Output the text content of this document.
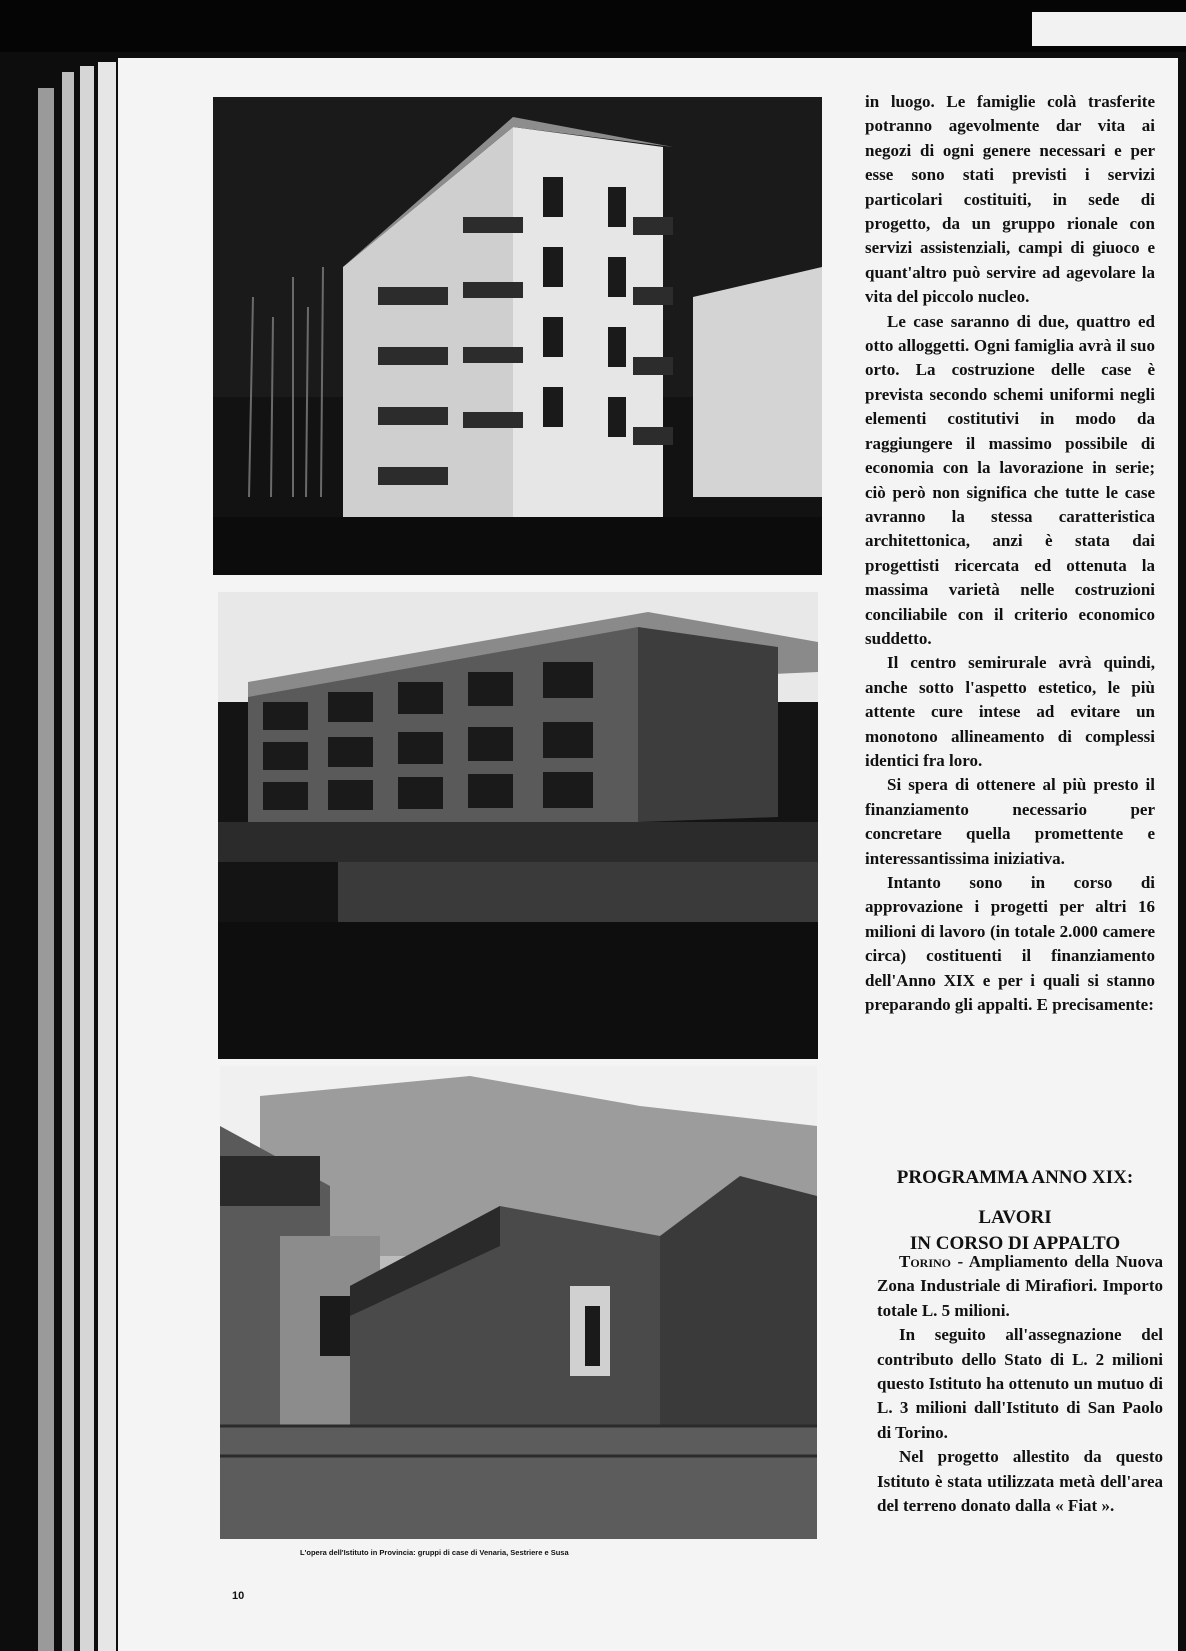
L'opera dell'Istituto in Provincia: gruppi di case di Venaria, Sestriere e Susa
10

in luogo. Le famiglie colà trasferite potranno agevolmente dar vita ai negozi di ogni genere necessari e per esse sono stati previsti i servizi particolari costituiti, in sede di progetto, da un gruppo rionale con servizi assistenziali, campi di giuoco e quant'altro può servire ad agevolare la vita del piccolo nucleo.

Le case saranno di due, quattro ed otto alloggetti. Ogni famiglia avrà il suo orto. La costruzione delle case è prevista secondo schemi uniformi negli elementi costitutivi in modo da raggiungere il massimo possibile di economia con la lavorazione in serie; ciò però non significa che tutte le case avranno la stessa caratteristica architettonica, anzi è stata dai progettisti ricercata ed ottenuta la massima varietà nelle costruzioni conciliabile con il criterio economico suddetto.

Il centro semirurale avrà quindi, anche sotto l'aspetto estetico, le più attente cure intese ad evitare un monotono allineamento di complessi identici fra loro.

Si spera di ottenere al più presto il finanziamento necessario per concretare quella promettente e interessantissima iniziativa.

Intanto sono in corso di approvazione i progetti per altri 16 milioni di lavoro (in totale 2.000 camere circa) costituenti il finanziamento dell'Anno XIX e per i quali si stanno preparando gli appalti. E precisamente:

PROGRAMMA ANNO XIX:
LAVORI
IN CORSO DI APPALTO

Torino - Ampliamento della Nuova Zona Industriale di Mirafiori. Importo totale L. 5 milioni.

In seguito all'assegnazione del contributo dello Stato di L. 2 milioni questo Istituto ha ottenuto un mutuo di L. 3 milioni dall'Istituto di San Paolo di Torino.

Nel progetto allestito da questo Istituto è stata utilizzata metà dell'area del terreno donato dalla « Fiat ».
